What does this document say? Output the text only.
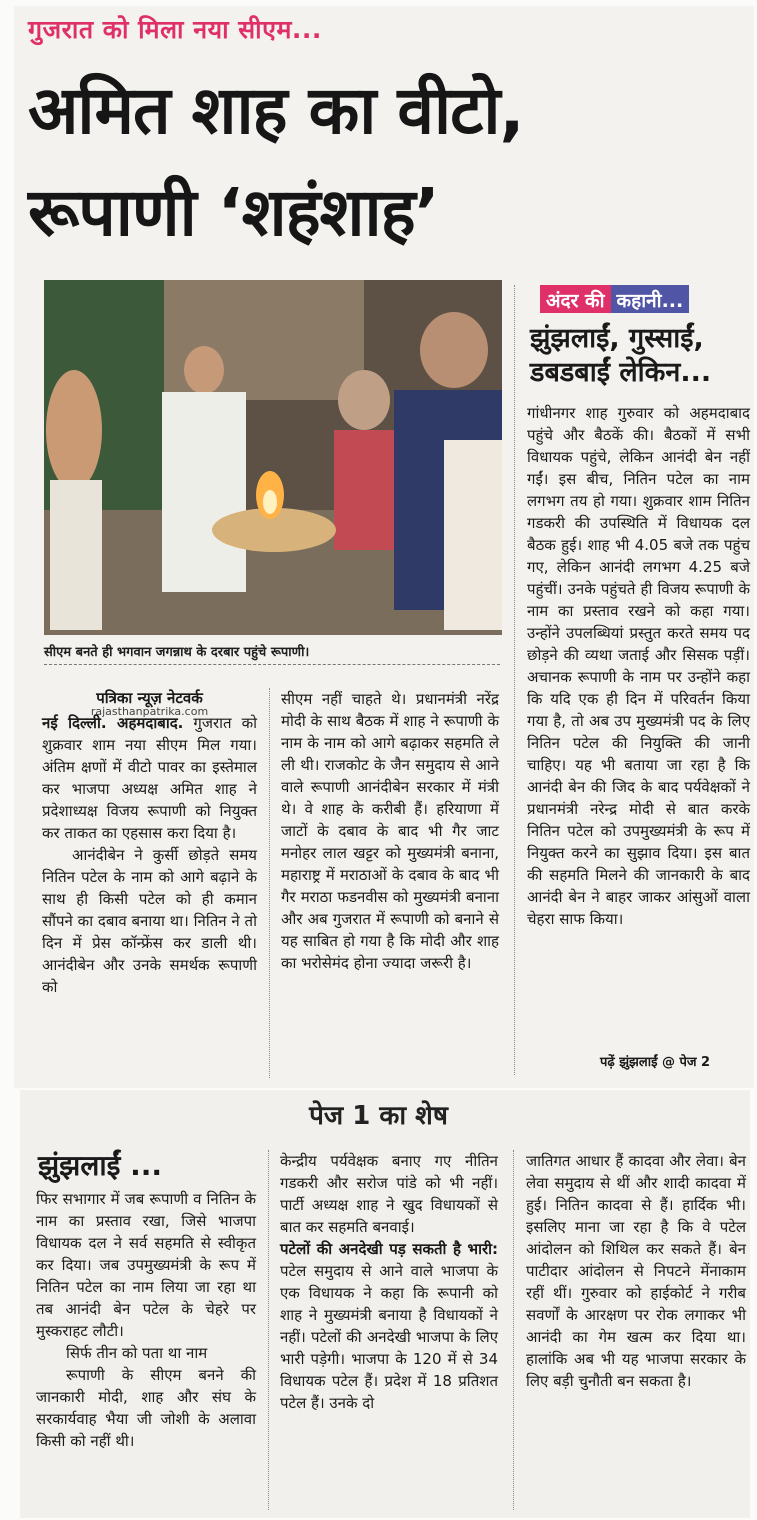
गुजरात को मिला नया सीएम...
अमित शाह का वीटो,
रूपाणी ‘शहंशाह’
सीएम बनते ही भगवान जगन्नाथ के दरबार पहुंचे रूपाणी।
अंदर की कहानी...
झुंझलाईं, गुस्साईं, डबडबाईं लेकिन...

गांधीनगर शाह गुरुवार को अहमदाबाद पहुंचे और बैठकें की। बैठकों में सभी विधायक पहुंचे, लेकिन आनंदी बेन नहीं गईं। इस बीच, नितिन पटेल का नाम लगभग तय हो गया। शुक्रवार शाम नितिन गडकरी की उपस्थिति में विधायक दल बैठक हुई। शाह भी 4.05 बजे तक पहुंच गए, लेकिन आनंदी लगभग 4.25 बजे पहुंचीं। उनके पहुंचते ही विजय रूपाणी के नाम का प्रस्ताव रखने को कहा गया। उन्होंने उपलब्धियां प्रस्तुत करते समय पद छोड़ने की व्यथा जताई और सिसक पड़ीं। अचानक रूपाणी के नाम पर उन्होंने कहा कि यदि एक ही दिन में परिवर्तन किया गया है, तो अब उप मुख्यमंत्री पद के लिए नितिन पटेल की नियुक्ति की जानी चाहिए। यह भी बताया जा रहा है कि आनंदी बेन की जिद के बाद पर्यवेक्षकों ने प्रधानमंत्री नरेन्द्र मोदी से बात करके नितिन पटेल को उपमुख्यमंत्री के रूप में नियुक्त करने का सुझाव दिया। इस बात की सहमति मिलने की जानकारी के बाद आनंदी बेन ने बाहर जाकर आंसुओं वाला चेहरा साफ किया।

पढ़ें झुंझलाईं @ पेज 2
पत्रिका न्यूज़ नेटवर्क
rajasthanpatrika.com

नई दिल्ली. अहमदाबाद. गुजरात को शुक्रवार शाम नया सीएम मिल गया। अंतिम क्षणों में वीटो पावर का इस्तेमाल कर भाजपा अध्यक्ष अमित शाह ने प्रदेशाध्यक्ष विजय रूपाणी को नियुक्त कर ताकत का एहसास करा दिया है।

आनंदीबेन ने कुर्सी छोड़ते समय नितिन पटेल के नाम को आगे बढ़ाने के साथ ही किसी पटेल को ही कमान सौंपने का दबाव बनाया था। नितिन ने तो दिन में प्रेस कॉन्फ्रेंस कर डाली थी। आनंदीबेन और उनके समर्थक रूपाणी को

सीएम नहीं चाहते थे। प्रधानमंत्री नरेंद्र मोदी के साथ बैठक में शाह ने रूपाणी के नाम के नाम को आगे बढ़ाकर सहमति ले ली थी। राजकोट के जैन समुदाय से आने वाले रूपाणी आनंदीबेन सरकार में मंत्री थे। वे शाह के करीबी हैं। हरियाणा में जाटों के दबाव के बाद भी गैर जाट मनोहर लाल खट्टर को मुख्यमंत्री बनाना, महाराष्ट्र में मराठाओं के दबाव के बाद भी गैर मराठा फडनवीस को मुख्यमंत्री बनाना और अब गुजरात में रूपाणी को बनाने से यह साबित हो गया है कि मोदी और शाह का भरोसेमंद होना ज्यादा जरूरी है।

पेज 1 का शेष
झुंझलाईं ...

फिर सभागार में जब रूपाणी व नितिन के नाम का प्रस्ताव रखा, जिसे भाजपा विधायक दल ने सर्व सहमति से स्वीकृत कर दिया। जब उपमुख्यमंत्री के रूप में नितिन पटेल का नाम लिया जा रहा था तब आनंदी बेन पटेल के चेहरे पर मुस्कराहट लौटी।

सिर्फ तीन को पता था नाम

रूपाणी के सीएम बनने की जानकारी मोदी, शाह और संघ के सरकार्यवाह भैया जी जोशी के अलावा किसी को नहीं थी।

केन्द्रीय पर्यवेक्षक बनाए गए नीतिन गडकरी और सरोज पांडे को भी नहीं। पार्टी अध्यक्ष शाह ने खुद विधायकों से बात कर सहमति बनवाई।

पटेलों की अनदेखी पड़ सकती है भारी: पटेल समुदाय से आने वाले भाजपा के एक विधायक ने कहा कि रूपानी को शाह ने मुख्यमंत्री बनाया है विधायकों ने नहीं। पटेलों की अनदेखी भाजपा के लिए भारी पड़ेगी। भाजपा के 120 में से 34 विधायक पटेल हैं। प्रदेश में 18 प्रतिशत पटेल हैं। उनके दो

जातिगत आधार हैं कादवा और लेवा। बेन लेवा समुदाय से थीं और शादी कादवा में हुई। नितिन कादवा से हैं। हार्दिक भी। इसलिए माना जा रहा है कि वे पटेल आंदोलन को शिथिल कर सकते हैं। बेन पाटीदार आंदोलन से निपटने मेंनाकाम रहीं थीं। गुरुवार को हाईकोर्ट ने गरीब सवर्णों के आरक्षण पर रोक लगाकर भी आनंदी का गेम खत्म कर दिया था। हालांकि अब भी यह भाजपा सरकार के लिए बड़ी चुनौती बन सकता है।
